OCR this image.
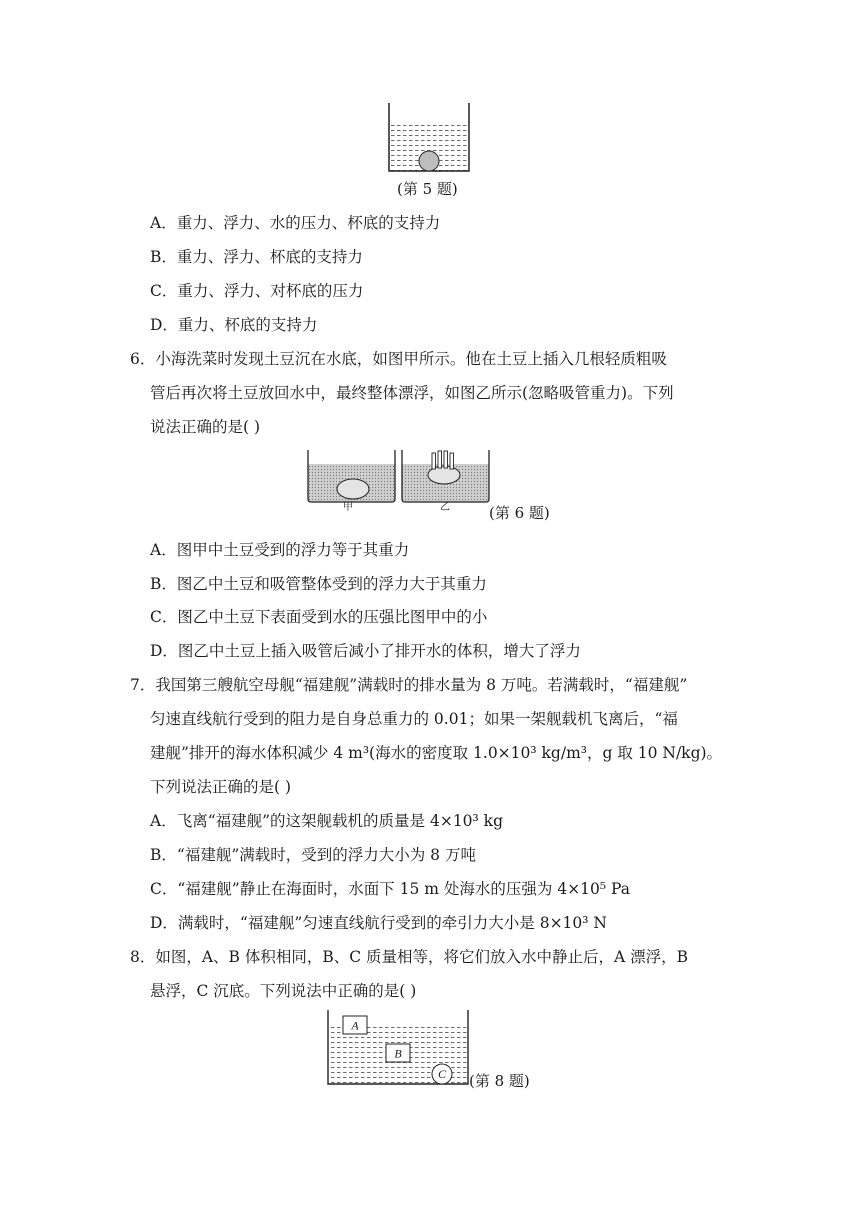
(第 5 题)
A．重力、浮力、水的压力、杯底的支持力
B．重力、浮力、杯底的支持力
C．重力、浮力、对杯底的压力
D．重力、杯底的支持力
6．小海洗菜时发现土豆沉在水底，如图甲所示。他在土豆上插入几根轻质粗吸
管后再次将土豆放回水中，最终整体漂浮，如图乙所示(忽略吸管重力)。下列
说法正确的是( )
甲	乙	(第 6 题)
A．图甲中土豆受到的浮力等于其重力
B．图乙中土豆和吸管整体受到的浮力大于其重力
C．图乙中土豆下表面受到水的压强比图甲中的小
D．图乙中土豆上插入吸管后减小了排开水的体积，增大了浮力
7．我国第三艘航空母舰“福建舰”满载时的排水量为 8 万吨。若满载时，“福建舰”
匀速直线航行受到的阻力是自身总重力的 0.01；如果一架舰载机飞离后，“福
建舰”排开的海水体积减少 4 m³(海水的密度取 1.0×10³ kg/m³，g 取 10 N/kg)。
下列说法正确的是( )
A．飞离“福建舰”的这架舰载机的质量是 4×10³ kg
B．“福建舰”满载时，受到的浮力大小为 8 万吨
C．“福建舰”静止在海面时，水面下 15 m 处海水的压强为 4×10⁵ Pa
D．满载时，“福建舰”匀速直线航行受到的牵引力大小是 8×10³ N
8．如图，A、B 体积相同，B、C 质量相等，将它们放入水中静止后，A 漂浮，B
悬浮，C 沉底。下列说法中正确的是( )
A
B
C (第 8 题)
